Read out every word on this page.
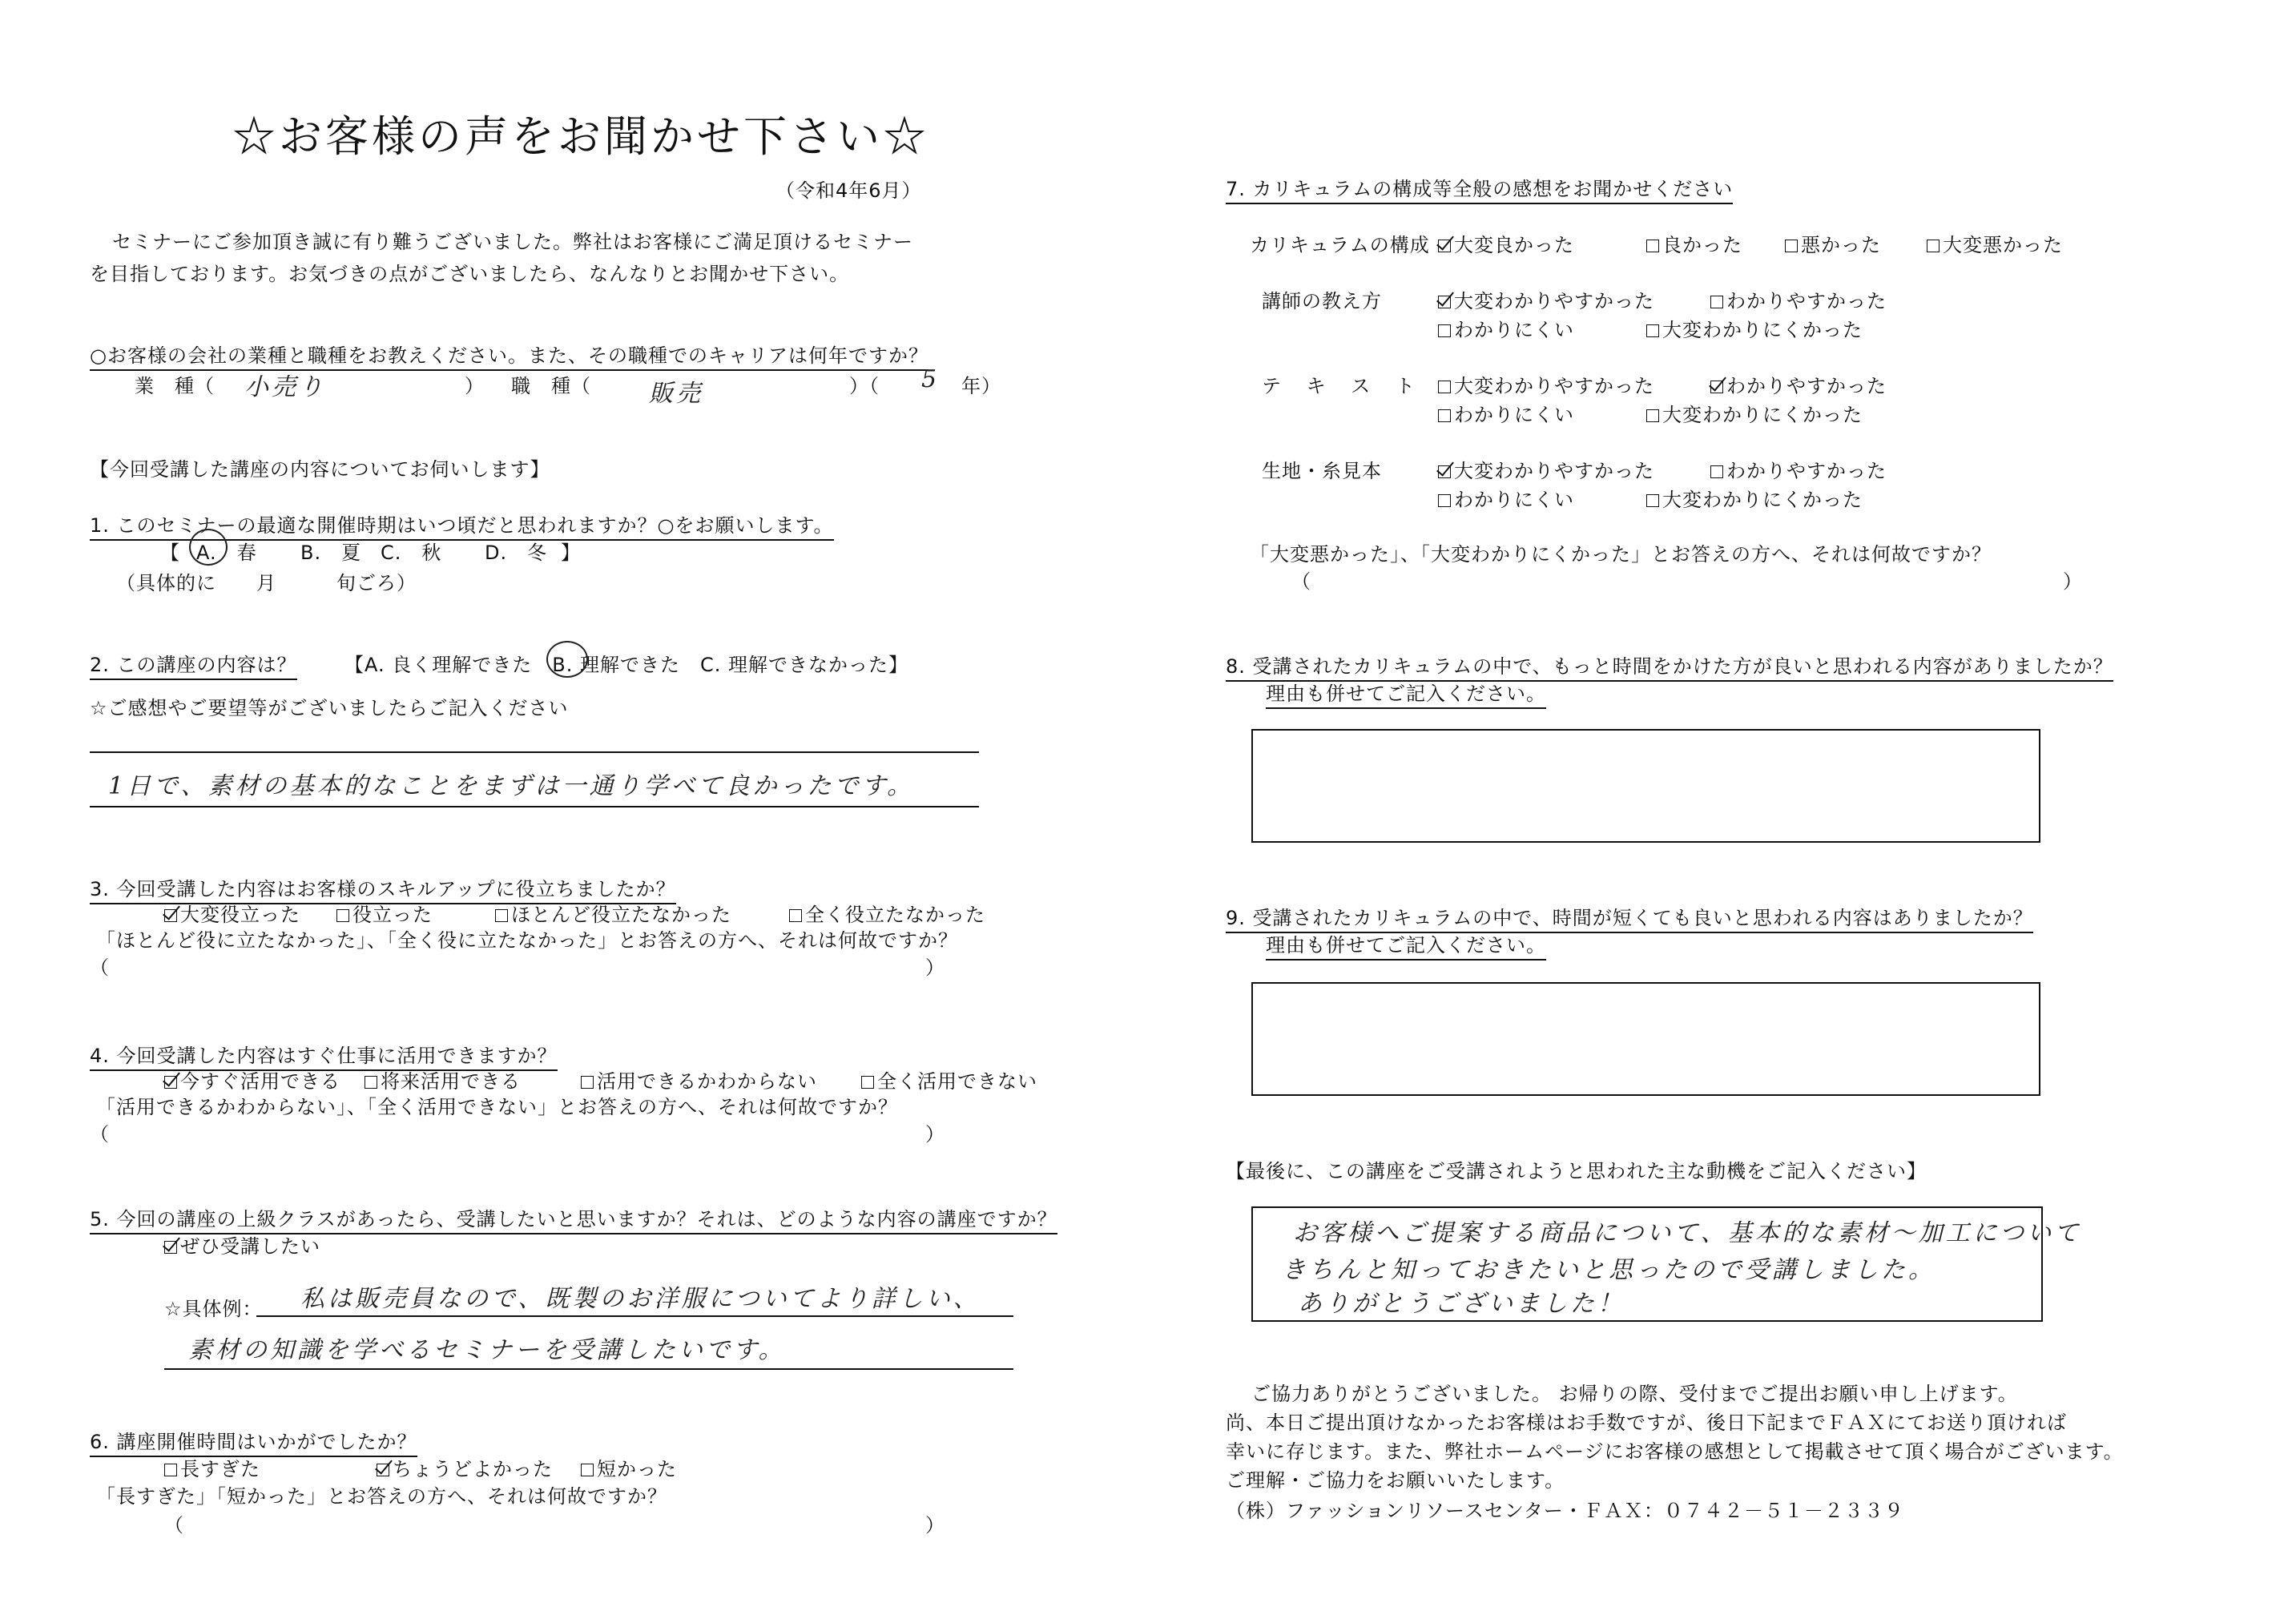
☆お客様の声をお聞かせ下さい☆
（令和4年6月）
セミナーにご参加頂き誠に有り難うございました。弊社はお客様にご満足頂けるセミナー
を目指しております。お気づきの点がございましたら、なんなりとお聞かせ下さい。
○お客様の会社の業種と職種をお教えください。また、その職種でのキャリアは何年ですか？
業　種（ 小売り	） 職　種（ 販売	）（ 5 年）
【今回受講した講座の内容についてお伺いします】
1. このセミナーの最適な開催時期はいつ頃だと思われますか？○をお願いします。
【 A.　春 B.　夏 C.　秋 D.　冬 】
（具体的に　　月　　　旬ごろ）
2. この講座の内容は？ 【A. 良く理解できた　B. 理解できた　C. 理解できなかった】
☆ご感想やご要望等がございましたらご記入ください
1日で、素材の基本的なことをまずは一通り学べて良かったです。
3. 今回受講した内容はお客様のスキルアップに役立ちましたか？
大変役立った	役立った	ほとんど役立たなかった	全く役立たなかった
「ほとんど役に立たなかった」、「全く役に立たなかった」とお答えの方へ、それは何故ですか？
（	）
4. 今回受講した内容はすぐ仕事に活用できますか？
今すぐ活用できる	将来活用できる	活用できるかわからない	全く活用できない
「活用できるかわからない」、「全く活用できない」とお答えの方へ、それは何故ですか？
（	）
5. 今回の講座の上級クラスがあったら、受講したいと思いますか？それは、どのような内容の講座ですか？
ぜひ受講したい
☆具体例： 私は販売員なので、既製のお洋服についてより詳しい、
素材の知識を学べるセミナーを受講したいです。
6. 講座開催時間はいかがでしたか？
長すぎた	ちょうどよかった	短かった
「長すぎた」「短かった」とお答えの方へ、それは何故ですか？
（	）
7. カリキュラムの構成等全般の感想をお聞かせください
カリキュラムの構成	大変良かった	良かった	悪かった	大変悪かった
講師の教え方	大変わかりやすかった	わかりやすかった
わかりにくい	大変わかりにくかった
テ キ ス ト	大変わかりやすかった	わかりやすかった
わかりにくい	大変わかりにくかった
生地・糸見本	大変わかりやすかった	わかりやすかった
わかりにくい	大変わかりにくかった
「大変悪かった」、「大変わかりにくかった」とお答えの方へ、それは何故ですか？
（	）
8. 受講されたカリキュラムの中で、もっと時間をかけた方が良いと思われる内容がありましたか？
理由も併せてご記入ください。
9. 受講されたカリキュラムの中で、時間が短くても良いと思われる内容はありましたか？
理由も併せてご記入ください。
【最後に、この講座をご受講されようと思われた主な動機をご記入ください】
お客様へご提案する商品について、基本的な素材～加工について
きちんと知っておきたいと思ったので受講しました。
ありがとうございました！
ご協力ありがとうございました。 お帰りの際、受付までご提出お願い申し上げます。
尚、本日ご提出頂けなかったお客様はお手数ですが、後日下記までＦＡＸにてお送り頂ければ
幸いに存じます。また、弊社ホームページにお客様の感想として掲載させて頂く場合がございます。
ご理解・ご協力をお願いいたします。
（株）ファッションリソースセンター・ＦＡＸ：０７４２－５１－２３３９
